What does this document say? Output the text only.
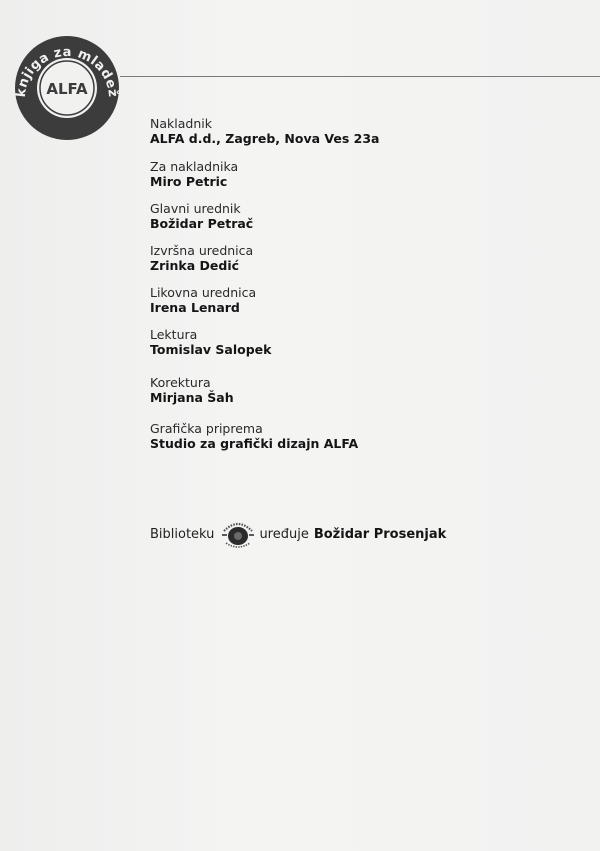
knjiga za mladež
ALFA
Nakladnik
ALFA d.d., Zagreb, Nova Ves 23a
Za nakladnika
Miro Petric
Glavni urednik
Božidar Petrač
Izvršna urednica
Zrinka Dedić
Likovna urednica
Irena Lenard
Lektura
Tomislav Salopek
Korektura
Mirjana Šah
Grafička priprema
Studio za grafički dizajn ALFA
Biblioteku	uređuje Božidar Prosenjak
